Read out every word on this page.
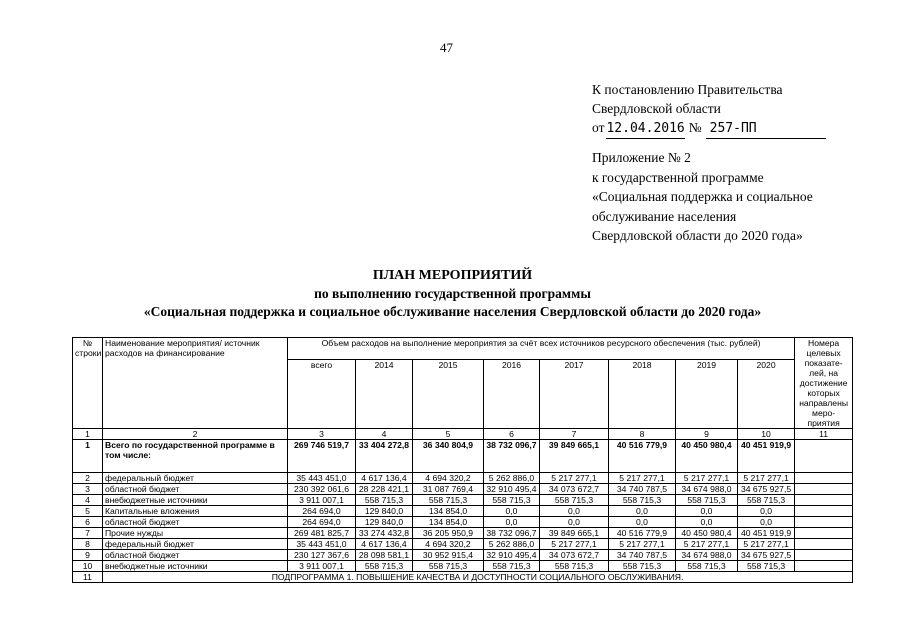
47
К постановлению Правительства
Свердловской области
от 12.04.2016 № 257-ПП
Приложение № 2
к государственной программе
«Социальная поддержка и социальное
обслуживание населения
Свердловской области до 2020 года»
ПЛАН МЕРОПРИЯТИЙ
по выполнению государственной программы
«Социальная поддержка и социальное обслуживание населения Свердловской области до 2020 года»
№ строки	Наименование мероприятия/ источник расходов на финансирование	Объем расходов на выполнение мероприятия за счёт всех источников ресурсного обеспечения (тыс. рублей)								Номера целевых показате- лей, на достижение которых направлены меро- приятия
		всего	2014	2015	2016	2017	2018	2019	2020	
1	2	3	4	5	6	7	8	9	10	11
1	Всего по государственной программе в том числе:	269 746 519,7	33 404 272,8	36 340 804,9	38 732 096,7	39 849 665,1	40 516 779,9	40 450 980,4	40 451 919,9	
2	федеральный бюджет	35 443 451,0	4 617 136,4	4 694 320,2	5 262 886,0	5 217 277,1	5 217 277,1	5 217 277,1	5 217 277,1	
3	областной бюджет	230 392 061,6	28 228 421,1	31 087 769,4	32 910 495,4	34 073 672,7	34 740 787,5	34 674 988,0	34 675 927,5	
4	внебюджетные источники	3 911 007,1	558 715,3	558 715,3	558 715,3	558 715,3	558 715,3	558 715,3	558 715,3	
5	Капитальные вложения	264 694,0	129 840,0	134 854,0	0,0	0,0	0,0	0,0	0,0	
6	областной бюджет	264 694,0	129 840,0	134 854,0	0,0	0,0	0,0	0,0	0,0	
7	Прочие нужды	269 481 825,7	33 274 432,8	36 205 950,9	38 732 096,7	39 849 665,1	40 516 779,9	40 450 980,4	40 451 919,9	
8	федеральный бюджет	35 443 451,0	4 617 136,4	4 694 320,2	5 262 886,0	5 217 277,1	5 217 277,1	5 217 277,1	5 217 277,1	
9	областной бюджет	230 127 367,6	28 098 581,1	30 952 915,4	32 910 495,4	34 073 672,7	34 740 787,5	34 674 988,0	34 675 927,5	
10	внебюджетные источники	3 911 007,1	558 715,3	558 715,3	558 715,3	558 715,3	558 715,3	558 715,3	558 715,3	
11	ПОДПРОГРАММА 1. ПОВЫШЕНИЕ КАЧЕСТВА И ДОСТУПНОСТИ СОЦИАЛЬНОГО ОБСЛУЖИВАНИЯ.									
